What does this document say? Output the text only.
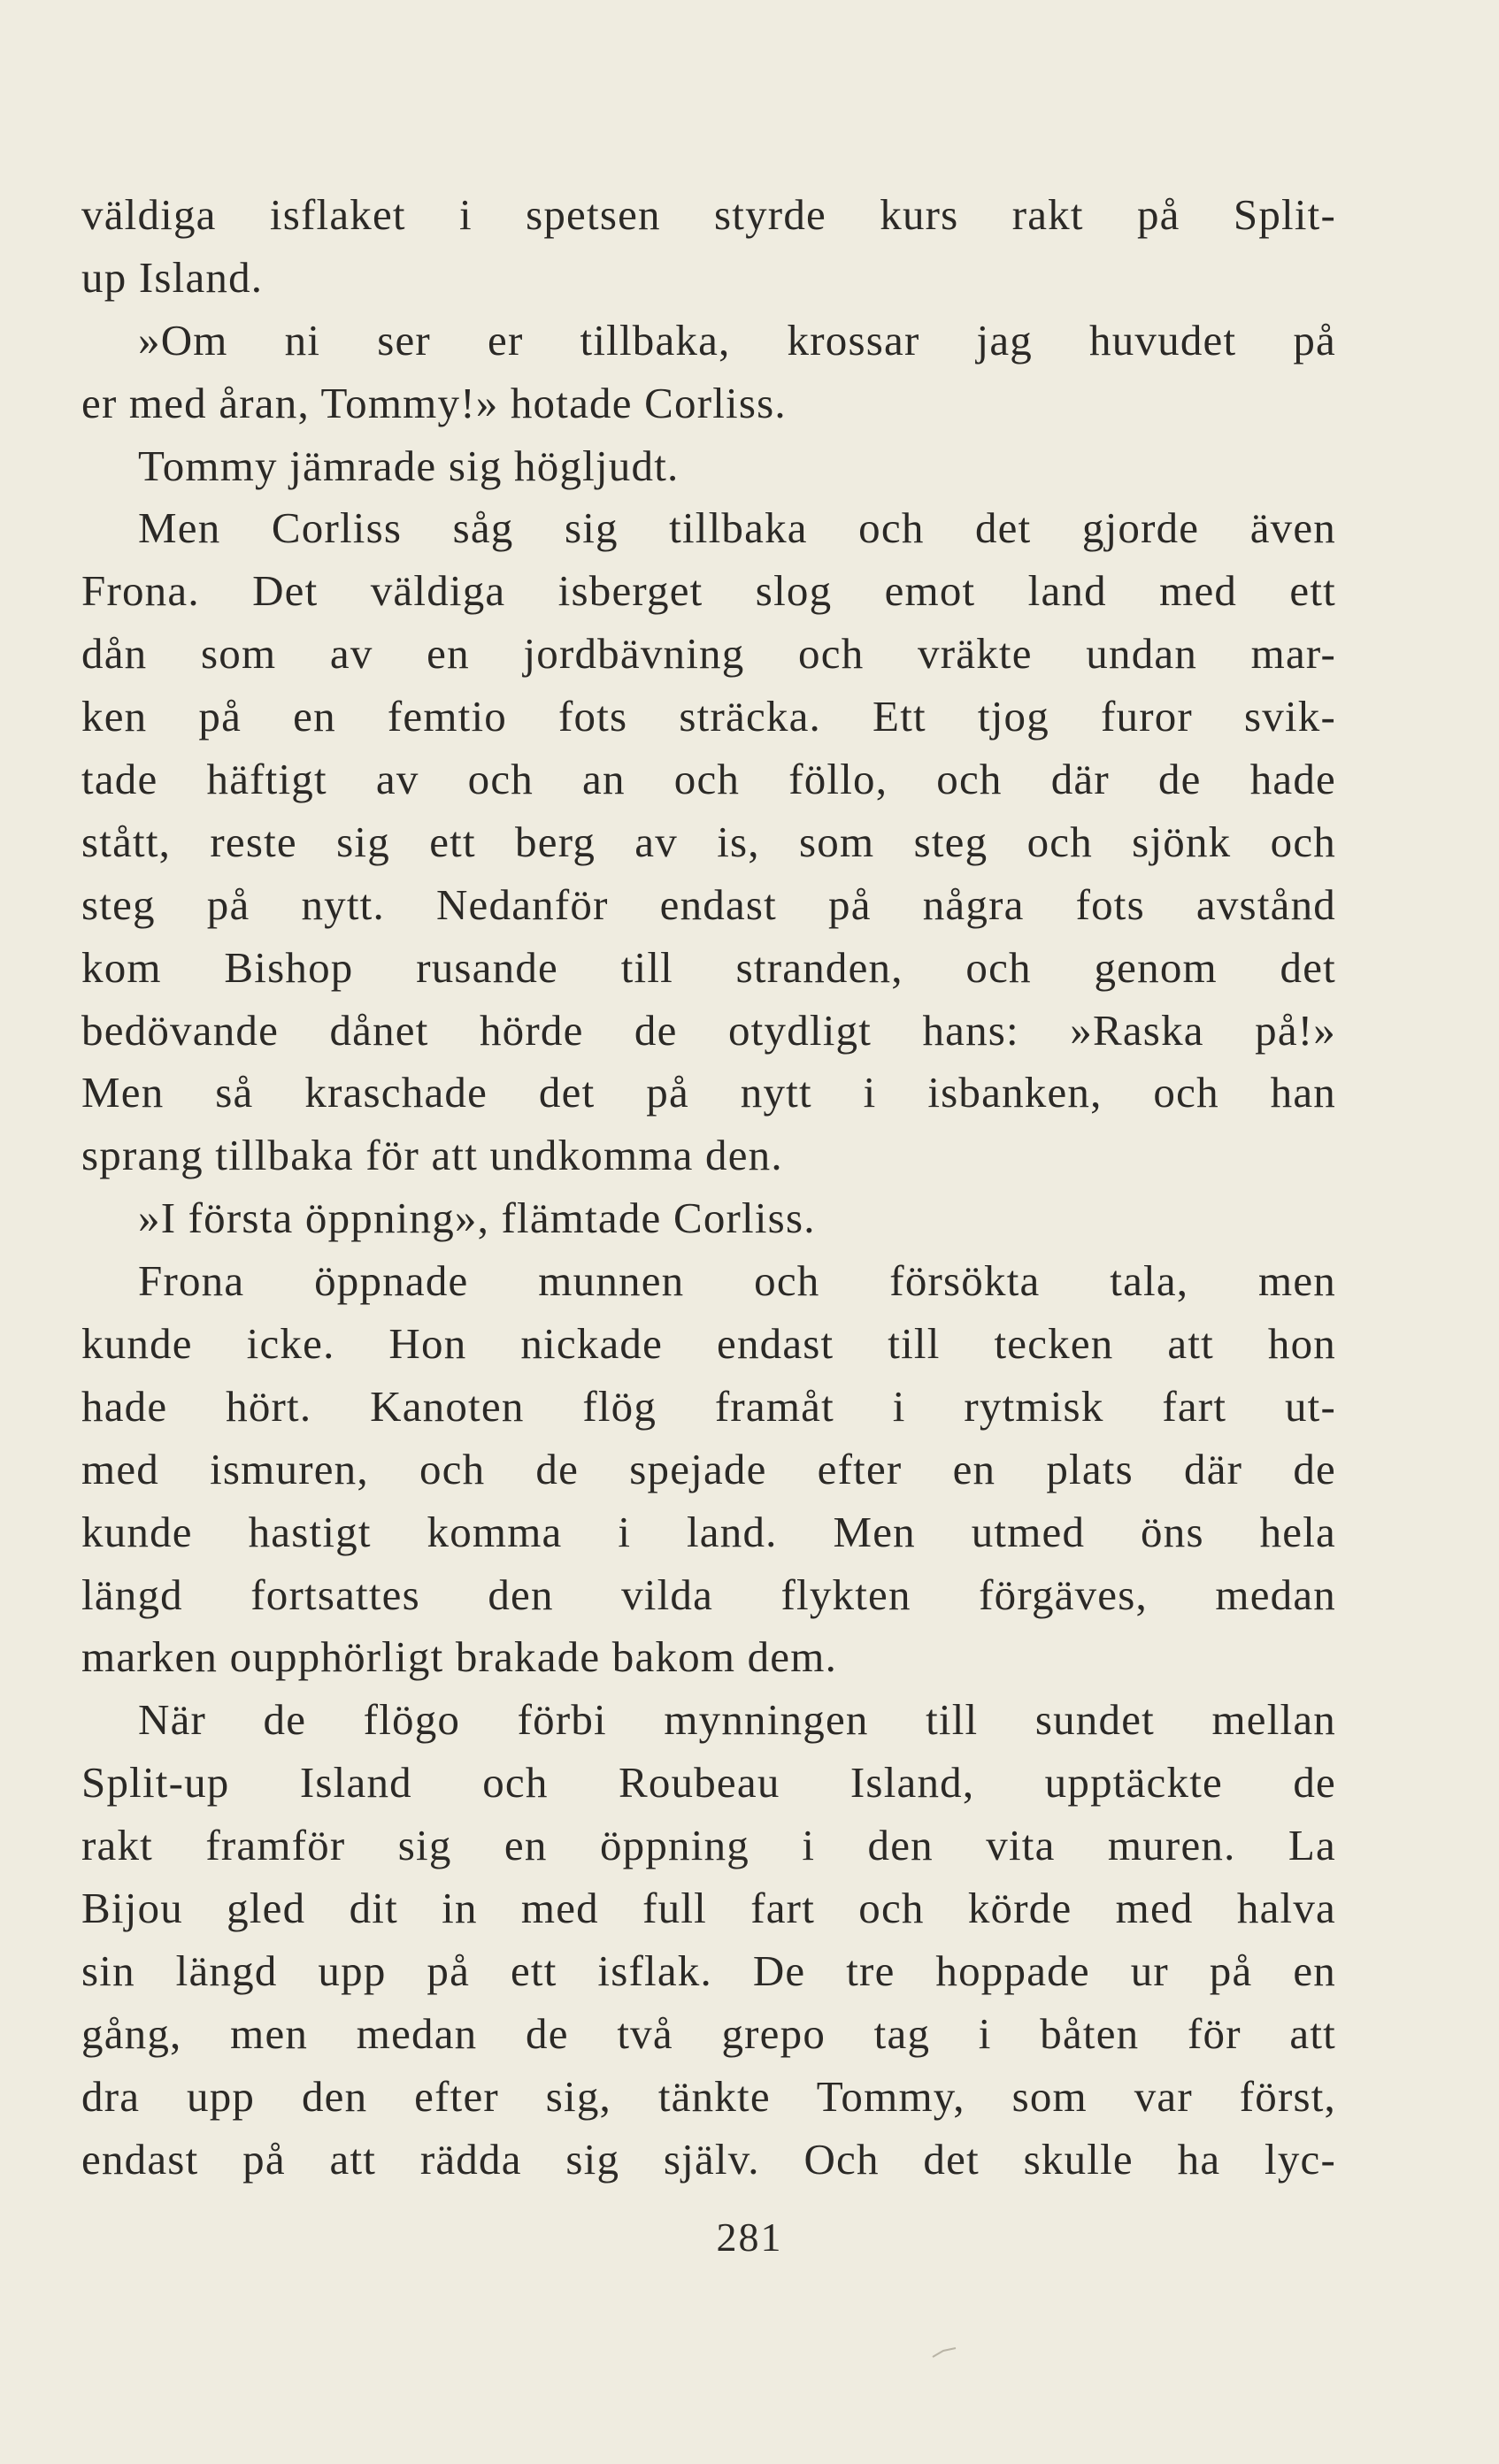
väldiga isflaket i spetsen styrde kurs rakt på Split-
up Island.
»Om ni ser er tillbaka, krossar jag huvudet på
er med åran, Tommy!» hotade Corliss.
Tommy jämrade sig högljudt.
Men Corliss såg sig tillbaka och det gjorde även
Frona. Det väldiga isberget slog emot land med ett
dån som av en jordbävning och vräkte undan mar-
ken på en femtio fots sträcka. Ett tjog furor svik-
tade häftigt av och an och föllo, och där de hade
stått, reste sig ett berg av is, som steg och sjönk och
steg på nytt. Nedanför endast på några fots avstånd
kom Bishop rusande till stranden, och genom det
bedövande dånet hörde de otydligt hans: »Raska på!»
Men så kraschade det på nytt i isbanken, och han
sprang tillbaka för att undkomma den.
»I första öppning», flämtade Corliss.
Frona öppnade munnen och försökta tala, men
kunde icke. Hon nickade endast till tecken att hon
hade hört. Kanoten flög framåt i rytmisk fart ut-
med ismuren, och de spejade efter en plats där de
kunde hastigt komma i land. Men utmed öns hela
längd fortsattes den vilda flykten förgäves, medan
marken oupphörligt brakade bakom dem.
När de flögo förbi mynningen till sundet mellan
Split-up Island och Roubeau Island, upptäckte de
rakt framför sig en öppning i den vita muren. La
Bijou gled dit in med full fart och körde med halva
sin längd upp på ett isflak. De tre hoppade ur på en
gång, men medan de två grepo tag i båten för att
dra upp den efter sig, tänkte Tommy, som var först,
endast på att rädda sig själv. Och det skulle ha lyc-
281
